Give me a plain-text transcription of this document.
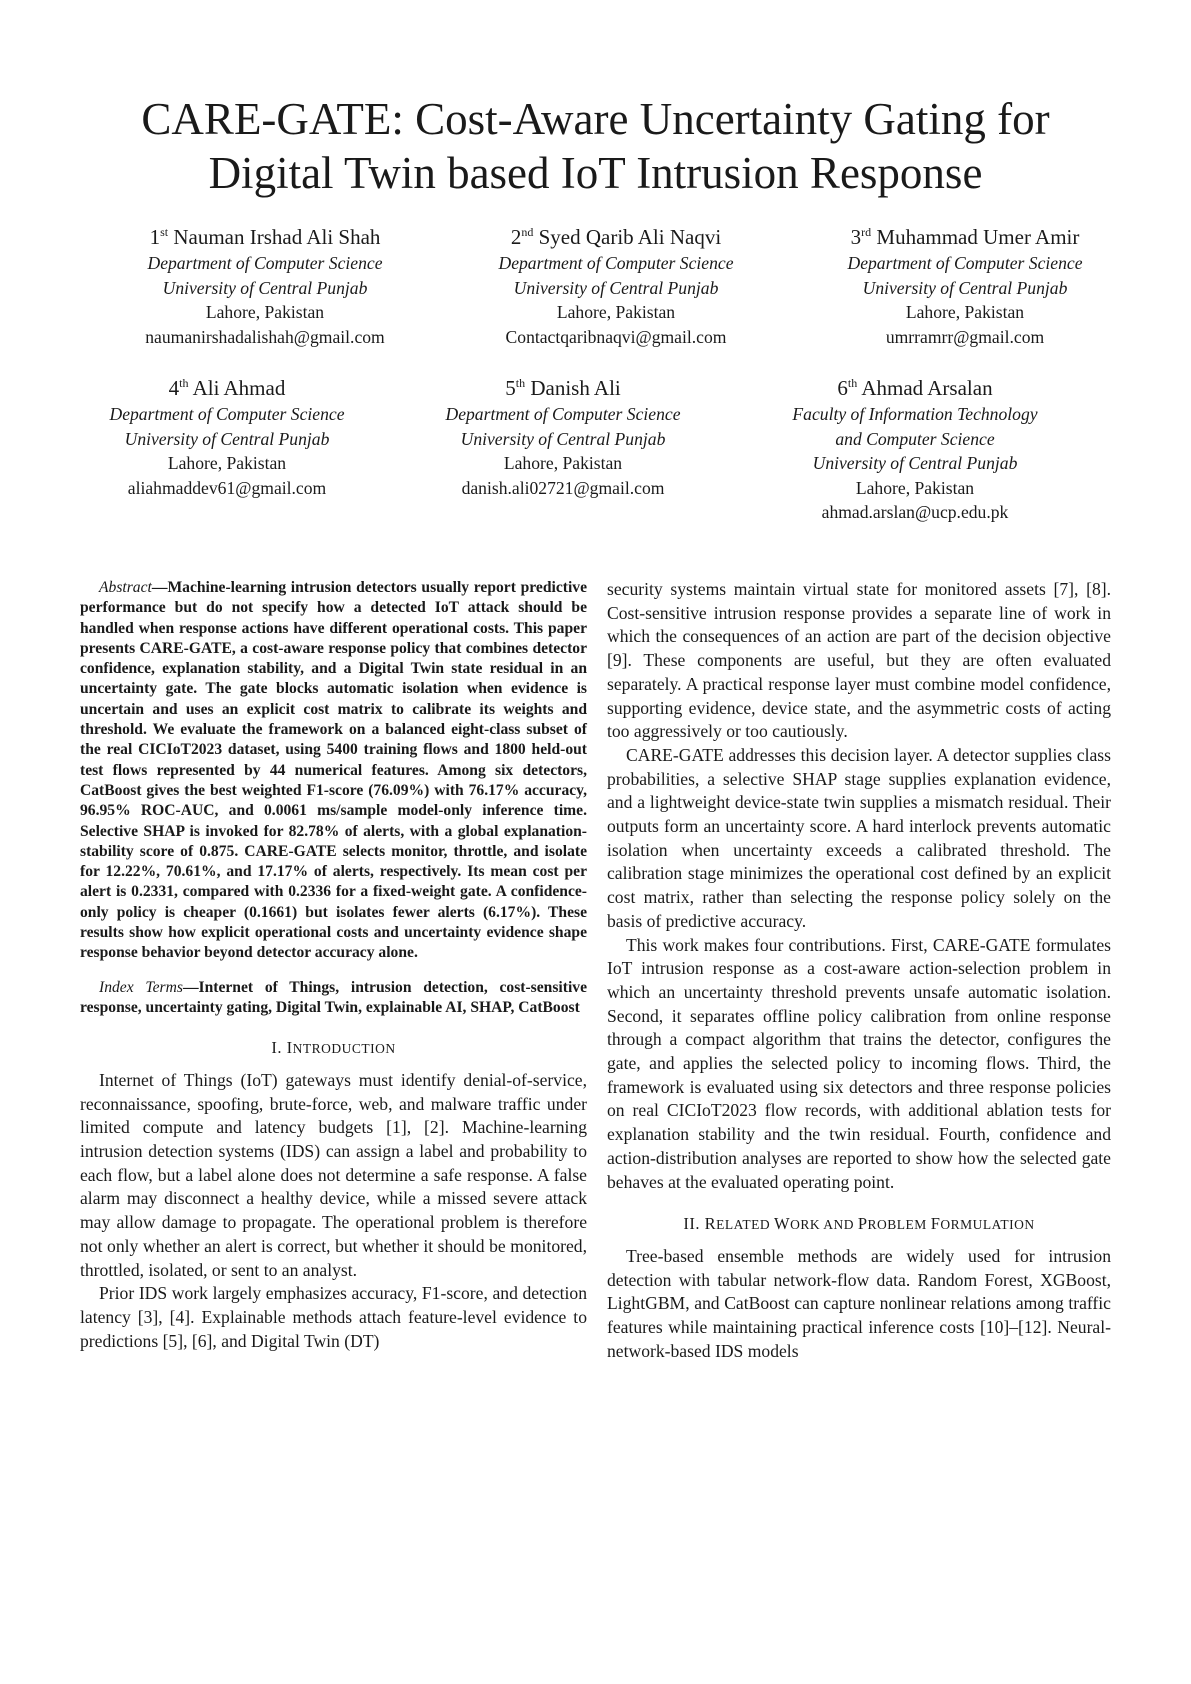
CARE-GATE: Cost-Aware Uncertainty Gating for
Digital Twin based IoT Intrusion Response
1st Nauman Irshad Ali Shah
Department of Computer Science
University of Central Punjab
Lahore, Pakistan
naumanirshadalishah@gmail.com
2nd Syed Qarib Ali Naqvi
Department of Computer Science
University of Central Punjab
Lahore, Pakistan
Contactqaribnaqvi@gmail.com
3rd Muhammad Umer Amir
Department of Computer Science
University of Central Punjab
Lahore, Pakistan
umrramrr@gmail.com
4th Ali Ahmad
Department of Computer Science
University of Central Punjab
Lahore, Pakistan
aliahmaddev61@gmail.com
5th Danish Ali
Department of Computer Science
University of Central Punjab
Lahore, Pakistan
danish.ali02721@gmail.com
6th Ahmad Arsalan
Faculty of Information Technology
and Computer Science
University of Central Punjab
Lahore, Pakistan
ahmad.arslan@ucp.edu.pk

Abstract—Machine-learning intrusion detectors usually report predictive performance but do not specify how a detected IoT attack should be handled when response actions have different operational costs. This paper presents CARE-GATE, a cost-aware response policy that combines detector confidence, explanation stability, and a Digital Twin state residual in an uncertainty gate. The gate blocks automatic isolation when evidence is uncertain and uses an explicit cost matrix to calibrate its weights and threshold. We evaluate the framework on a balanced eight-class subset of the real CICIoT2023 dataset, using 5400 training flows and 1800 held-out test flows represented by 44 numerical features. Among six detectors, CatBoost gives the best weighted F1-score (76.09%) with 76.17% accuracy, 96.95% ROC-AUC, and 0.0061 ms/sample model-only inference time. Selective SHAP is invoked for 82.78% of alerts, with a global explanation-stability score of 0.875. CARE-GATE selects monitor, throttle, and isolate for 12.22%, 70.61%, and 17.17% of alerts, respectively. Its mean cost per alert is 0.2331, compared with 0.2336 for a fixed-weight gate. A confidence-only policy is cheaper (0.1661) but isolates fewer alerts (6.17%). These results show how explicit operational costs and uncertainty evidence shape response behavior beyond detector accuracy alone.

Index Terms—Internet of Things, intrusion detection, cost-sensitive response, uncertainty gating, Digital Twin, explainable AI, SHAP, CatBoost

I. INTRODUCTION

Internet of Things (IoT) gateways must identify denial-of-service, reconnaissance, spoofing, brute-force, web, and malware traffic under limited compute and latency budgets [1], [2]. Machine-learning intrusion detection systems (IDS) can assign a label and probability to each flow, but a label alone does not determine a safe response. A false alarm may disconnect a healthy device, while a missed severe attack may allow damage to propagate. The operational problem is therefore not only whether an alert is correct, but whether it should be monitored, throttled, isolated, or sent to an analyst.

Prior IDS work largely emphasizes accuracy, F1-score, and detection latency [3], [4]. Explainable methods attach feature-level evidence to predictions [5], [6], and Digital Twin (DT)

security systems maintain virtual state for monitored assets [7], [8]. Cost-sensitive intrusion response provides a separate line of work in which the consequences of an action are part of the decision objective [9]. These components are useful, but they are often evaluated separately. A practical response layer must combine model confidence, supporting evidence, device state, and the asymmetric costs of acting too aggressively or too cautiously.

CARE-GATE addresses this decision layer. A detector supplies class probabilities, a selective SHAP stage supplies explanation evidence, and a lightweight device-state twin supplies a mismatch residual. Their outputs form an uncertainty score. A hard interlock prevents automatic isolation when uncertainty exceeds a calibrated threshold. The calibration stage minimizes the operational cost defined by an explicit cost matrix, rather than selecting the response policy solely on the basis of predictive accuracy.

This work makes four contributions. First, CARE-GATE formulates IoT intrusion response as a cost-aware action-selection problem in which an uncertainty threshold prevents unsafe automatic isolation. Second, it separates offline policy calibration from online response through a compact algorithm that trains the detector, configures the gate, and applies the selected policy to incoming flows. Third, the framework is evaluated using six detectors and three response policies on real CICIoT2023 flow records, with additional ablation tests for explanation stability and the twin residual. Fourth, confidence and action-distribution analyses are reported to show how the selected gate behaves at the evaluated operating point.

II. RELATED WORK AND PROBLEM FORMULATION

Tree-based ensemble methods are widely used for intrusion detection with tabular network-flow data. Random Forest, XGBoost, LightGBM, and CatBoost can capture nonlinear relations among traffic features while maintaining practical inference costs [10]–[12]. Neural-network-based IDS models
